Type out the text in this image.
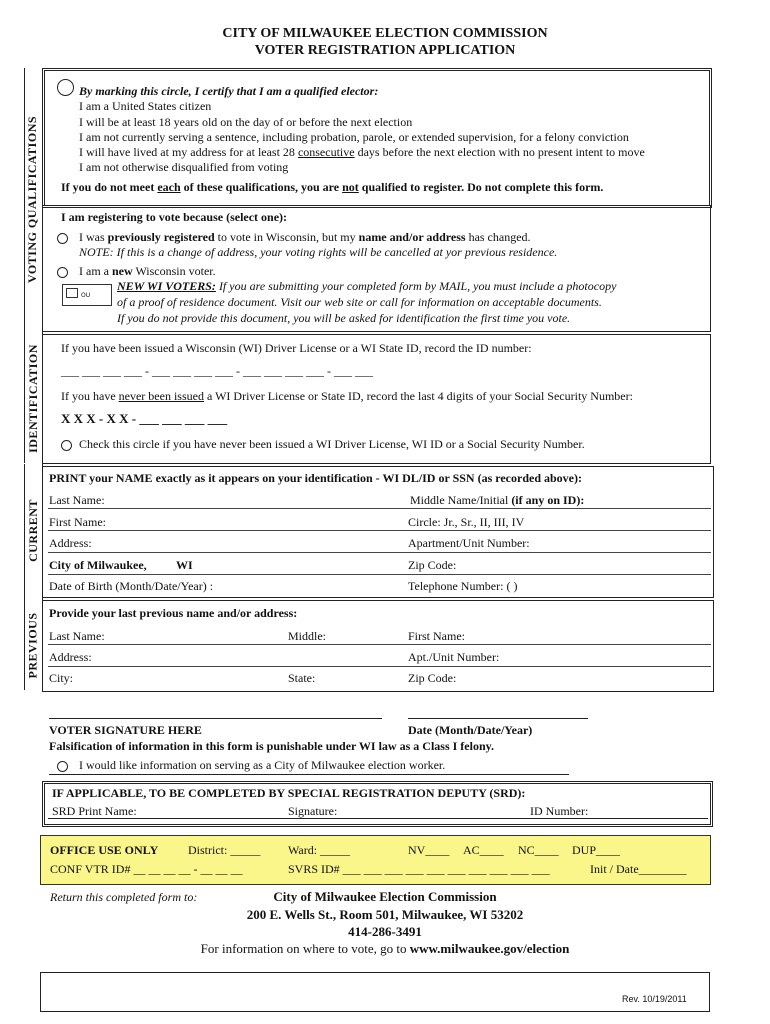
CITY OF MILWAUKEE ELECTION COMMISSION
VOTER REGISTRATION APPLICATION
VOTING QUALIFICATIONS
IDENTIFICATION
CURRENT
PREVIOUS
By marking this circle, I certify that I am a qualified elector:
I am a United States citizen
I will be at least 18 years old on the day of or before the next election
I am not currently serving a sentence, including probation, parole, or extended supervision, for a felony conviction
I will have lived at my address for at least 28 consecutive days before the next election with no present intent to move
I am not otherwise disqualified from voting
If you do not meet each of these qualifications, you are not qualified to register. Do not complete this form.
I am registering to vote because (select one):
I was previously registered to vote in Wisconsin, but my name and/or address has changed.
NOTE: If this is a change of address, your voting rights will be cancelled at yor previous residence.
I am a new Wisconsin voter.
OU
NEW WI VOTERS: If you are submitting your completed form by MAIL, you must include a photocopy
of a proof of residence document. Visit our web site or call for information on acceptable documents.
If you do not provide this document, you will be asked for identification the first time you vote.
If you have been issued a Wisconsin (WI) Driver License or a WI State ID, record the ID number:
___ ___ ___ ___ - ___ ___ ___ ___ - ___ ___ ___ ___ - ___ ___
If you have never been issued a WI Driver License or State ID, record the last 4 digits of your Social Security Number:
X X X - X X - ___ ___ ___ ___
Check this circle if you have never been issued a WI Driver License, WI ID or a Social Security Number.
PRINT your NAME exactly as it appears on your identification - WI DL/ID or SSN (as recorded above):
Last Name:	Middle Name/Initial (if any on ID):
First Name:	Circle: Jr., Sr., II, III, IV
Address:	Apartment/Unit Number:
City of Milwaukee, WI	Zip Code:
Date of Birth (Month/Date/Year) :	Telephone Number: ( )
Provide your last previous name and/or address:
Last Name:	Middle:	First Name:
Address:	Apt./Unit Number:
City:	State:	Zip Code:
VOTER SIGNATURE HERE	Date (Month/Date/Year)
Falsification of information in this form is punishable under WI law as a Class I felony.
I would like information on serving as a City of Milwaukee election worker.
IF APPLICABLE, TO BE COMPLETED BY SPECIAL REGISTRATION DEPUTY (SRD):
SRD Print Name:	Signature:	ID Number:
OFFICE USE ONLY District: _____ Ward: _____	NV____ AC____ NC____ DUP____
CONF VTR ID# __ __ __ __ - __ __ __	SVRS ID# ___ ___ ___ ___ ___ ___ ___ ___ ___ ___	Init / Date________
Return this completed form to:	City of Milwaukee Election Commission
200 E. Wells St., Room 501, Milwaukee, WI 53202
414-286-3491
For information on where to vote, go to www.milwaukee.gov/election
Rev. 10/19/2011
